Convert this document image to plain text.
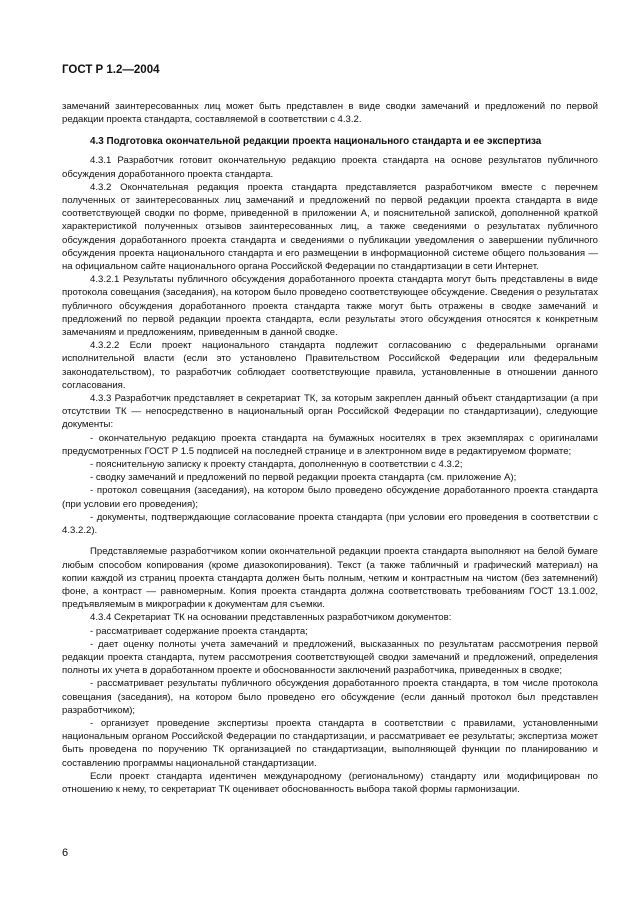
ГОСТ Р 1.2—2004

замечаний заинтересованных лиц может быть представлен в виде сводки замечаний и предложений по первой редакции проекта стандарта, составляемой в соответствии с 4.3.2.

4.3 Подготовка окончательной редакции проекта национального стандарта и ее экспертиза

4.3.1 Разработчик готовит окончательную редакцию проекта стандарта на основе результатов публичного обсуждения доработанного проекта стандарта.

4.3.2 Окончательная редакция проекта стандарта представляется разработчиком вместе с перечнем полученных от заинтересованных лиц замечаний и предложений по первой редакции проекта стандарта в виде соответствующей сводки по форме, приведенной в приложении А, и пояснительной запиской, дополненной краткой характеристикой полученных отзывов заинтересованных лиц, а также сведениями о результатах публичного обсуждения доработанного проекта стандарта и сведениями о публикации уведомления о завершении публичного обсуждения проекта национального стандарта и его размещении в информационной системе общего пользования — на официальном сайте национального органа Российской Федерации по стандартизации в сети Интернет.

4.3.2.1 Результаты публичного обсуждения доработанного проекта стандарта могут быть представлены в виде протокола совещания (заседания), на котором было проведено соответствующее обсуждение. Сведения о результатах публичного обсуждения доработанного проекта стандарта также могут быть отражены в сводке замечаний и предложений по первой редакции проекта стандарта, если результаты этого обсуждения относятся к конкретным замечаниям и предложениям, приведенным в данной сводке.

4.3.2.2 Если проект национального стандарта подлежит согласованию с федеральными органами исполнительной власти (если это установлено Правительством Российской Федерации или федеральным законодательством), то разработчик соблюдает соответствующие правила, установленные в отношении данного согласования.

4.3.3 Разработчик представляет в секретариат ТК, за которым закреплен данный объект стандартизации (а при отсутствии ТК — непосредственно в национальный орган Российской Федерации по стандартизации), следующие документы:

- окончательную редакцию проекта стандарта на бумажных носителях в трех экземплярах с оригиналами предусмотренных ГОСТ Р 1.5 подписей на последней странице и в электронном виде в редактируемом формате;

- пояснительную записку к проекту стандарта, дополненную в соответствии с 4.3.2;

- сводку замечаний и предложений по первой редакции проекта стандарта (см. приложение А);

- протокол совещания (заседания), на котором было проведено обсуждение доработанного проекта стандарта (при условии его проведения);

- документы, подтверждающие согласование проекта стандарта (при условии его проведения в соответствии с 4.3.2.2).

Представляемые разработчиком копии окончательной редакции проекта стандарта выполняют на белой бумаге любым способом копирования (кроме диазокопирования). Текст (а также табличный и графический материал) на копии каждой из страниц проекта стандарта должен быть полным, четким и контрастным на чистом (без затемнений) фоне, а контраст — равномерным. Копия проекта стандарта должна соответствовать требованиям ГОСТ 13.1.002, предъявляемым в микрографии к документам для съемки.

4.3.4 Секретариат ТК на основании представленных разработчиком документов:

- рассматривает содержание проекта стандарта;

- дает оценку полноты учета замечаний и предложений, высказанных по результатам рассмотрения первой редакции проекта стандарта, путем рассмотрения соответствующей сводки замечаний и предложений, определения полноты их учета в доработанном проекте и обоснованности заключений разработчика, приведенных в сводке;

- рассматривает результаты публичного обсуждения доработанного проекта стандарта, в том числе протокола совещания (заседания), на котором было проведено его обсуждение (если данный протокол был представлен разработчиком);

- организует проведение экспертизы проекта стандарта в соответствии с правилами, установленными национальным органом Российской Федерации по стандартизации, и рассматривает ее результаты; экспертиза может быть проведена по поручению ТК организацией по стандартизации, выполняющей функции по планированию и составлению программы национальной стандартизации.

Если проект стандарта идентичен международному (региональному) стандарту или модифицирован по отношению к нему, то секретариат ТК оценивает обоснованность выбора такой формы гармонизации.

6
